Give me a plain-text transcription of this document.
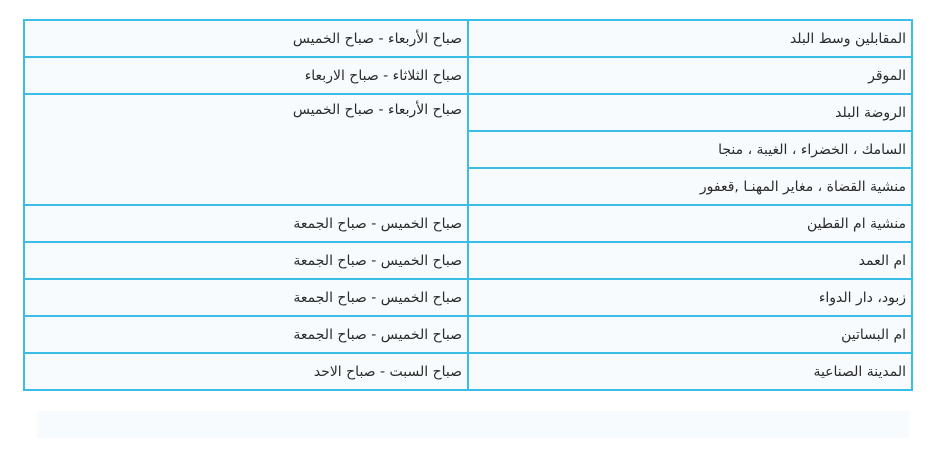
المقابلين وسط البلد	صباح الأربعاء - صباح الخميس
الموقر	صباح الثلاثاء - صباح الاربعاء
الروضة البلد	صباح الأربعاء - صباح الخميس
السامك ، الخضراء ، الغيبة ، منجا	
منشية القضاة ، مغاير المهنـا ,قعفور	
منشية ام القطين	صباح الخميس - صباح الجمعة
ام العمد	صباح الخميس - صباح الجمعة
زبود، دار الدواء	صباح الخميس - صباح الجمعة
ام البساتين	صباح الخميس - صباح الجمعة
المدينة الصناعية	صباح السبت - صباح الاحد
